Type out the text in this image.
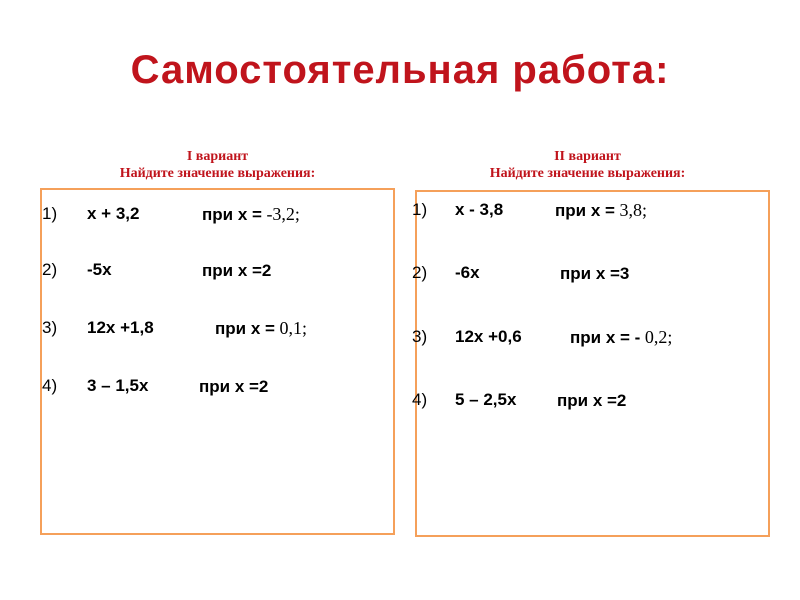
Самостоятельная работа:
I вариант
Найдите значение выражения:
II вариант
Найдите значение выражения:
1) x + 3,2	при x = -3,2;
2) -5x	при x =2
3) 12x +1,8	при x = 0,1;
4) 3 – 1,5x	при x =2
1) x - 3,8	при x = 3,8;
2) -6x	при x =3
3) 12x +0,6	при x = - 0,2;
4) 5 – 2,5x при x =2
